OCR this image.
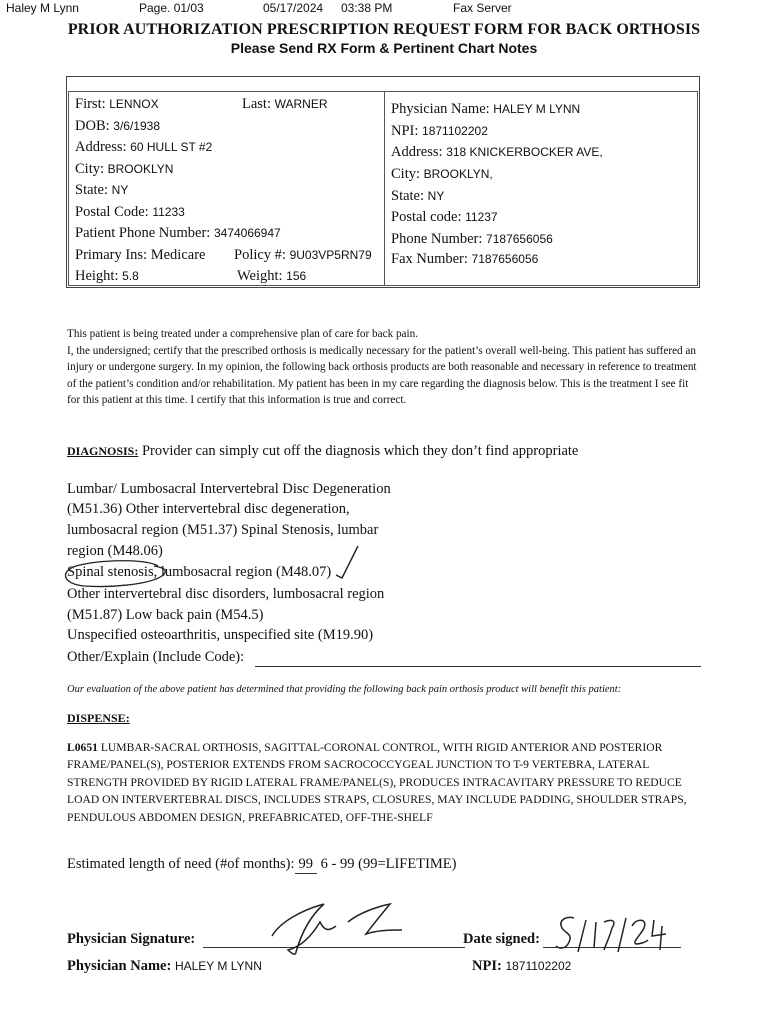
Haley M Lynn	Page. 01/03	05/17/2024 03:38 PM	Fax Server
PRIOR AUTHORIZATION PRESCRIPTION REQUEST FORM FOR BACK ORTHOSIS
Please Send RX Form & Pertinent Chart Notes
First: LENNOX	Last: WARNER
DOB: 3/6/1938
Address: 60 HULL ST #2
City: BROOKLYN
State: NY
Postal Code: 11233
Patient Phone Number: 3474066947
Primary Ins: Medicare Policy #: 9U03VP5RN79
Height: 5.8	Weight: 156
Physician Name: HALEY M LYNN
NPI: 1871102202
Address: 318 KNICKERBOCKER AVE,
City: BROOKLYN,
State: NY
Postal code: 11237
Phone Number: 7187656056
Fax Number: 7187656056

This patient is being treated under a comprehensive plan of care for back pain.

I, the undersigned; certify that the prescribed orthosis is medically necessary for the patient’s overall well-being. This patient has suffered an injury or undergone surgery. In my opinion, the following back orthosis products are both reasonable and necessary in reference to treatment of the patient’s condition and/or rehabilitation. My patient has been in my care regarding the diagnosis below. This is the treatment I see fit for this patient at this time. I certify that this information is true and correct.

DIAGNOSIS: Provider can simply cut off the diagnosis which they don’t find appropriate
Lumbar/ Lumbosacral Intervertebral Disc Degeneration
(M51.36) Other intervertebral disc degeneration,
lumbosacral region (M51.37) Spinal Stenosis, lumbar
region (M48.06)
Spinal stenosis, lumbosacral region (M48.07)
Other intervertebral disc disorders, lumbosacral region
(M51.87) Low back pain (M54.5)
Unspecified osteoarthritis, unspecified site (M19.90)
Other/Explain (Include Code):
Our evaluation of the above patient has determined that providing the following back pain orthosis product will benefit this patient:
DISPENSE:
L0651 LUMBAR-SACRAL ORTHOSIS, SAGITTAL-CORONAL CONTROL, WITH RIGID ANTERIOR AND POSTERIOR FRAME/PANEL(S), POSTERIOR EXTENDS FROM SACROCOCCYGEAL JUNCTION TO T-9 VERTEBRA, LATERAL STRENGTH PROVIDED BY RIGID LATERAL FRAME/PANEL(S), PRODUCES INTRACAVITARY PRESSURE TO REDUCE LOAD ON INTERVERTEBRAL DISCS, INCLUDES STRAPS, CLOSURES, MAY INCLUDE PADDING, SHOULDER STRAPS, PENDULOUS ABDOMEN DESIGN, PREFABRICATED, OFF-THE-SHELF
Estimated length of need (#of months): 99 6 - 99 (99=LIFETIME)
Physician Signature:	Date signed:
Physician Name: HALEY M LYNN	NPI: 1871102202
